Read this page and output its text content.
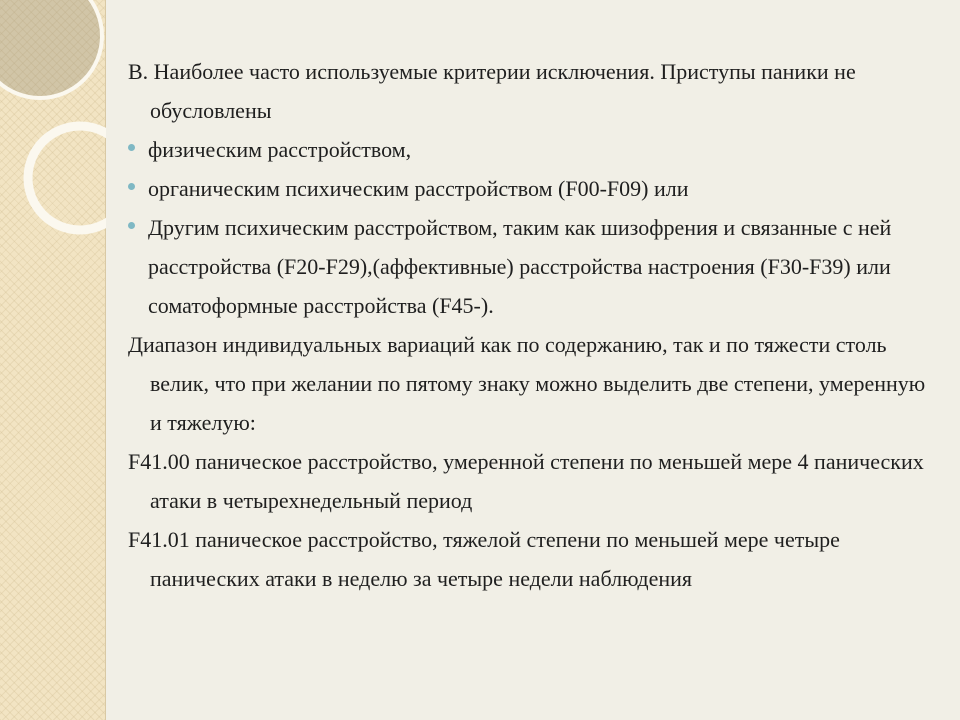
B. Наиболее часто используемые критерии исключения. Приступы паники не обусловлены

физическим расстройством,
органическим психическим расстройством (F00-F09) или
Другим психическим расстройством, таким как шизофрения и связанные с ней расстройства (F20-F29),(аффективные) расстройства настроения (F30-F39) или соматоформные расстройства (F45-).

Диапазон индивидуальных вариаций как по содержанию, так и по тяжести столь велик, что при желании по пятому знаку можно выделить две степени, умеренную и тяжелую:

F41.00 паническое расстройство, умеренной степени по меньшей мере 4 панических атаки в четырехнедельный период

F41.01 паническое расстройство, тяжелой степени по меньшей мере четыре панических атаки в неделю за четыре недели наблюдения
